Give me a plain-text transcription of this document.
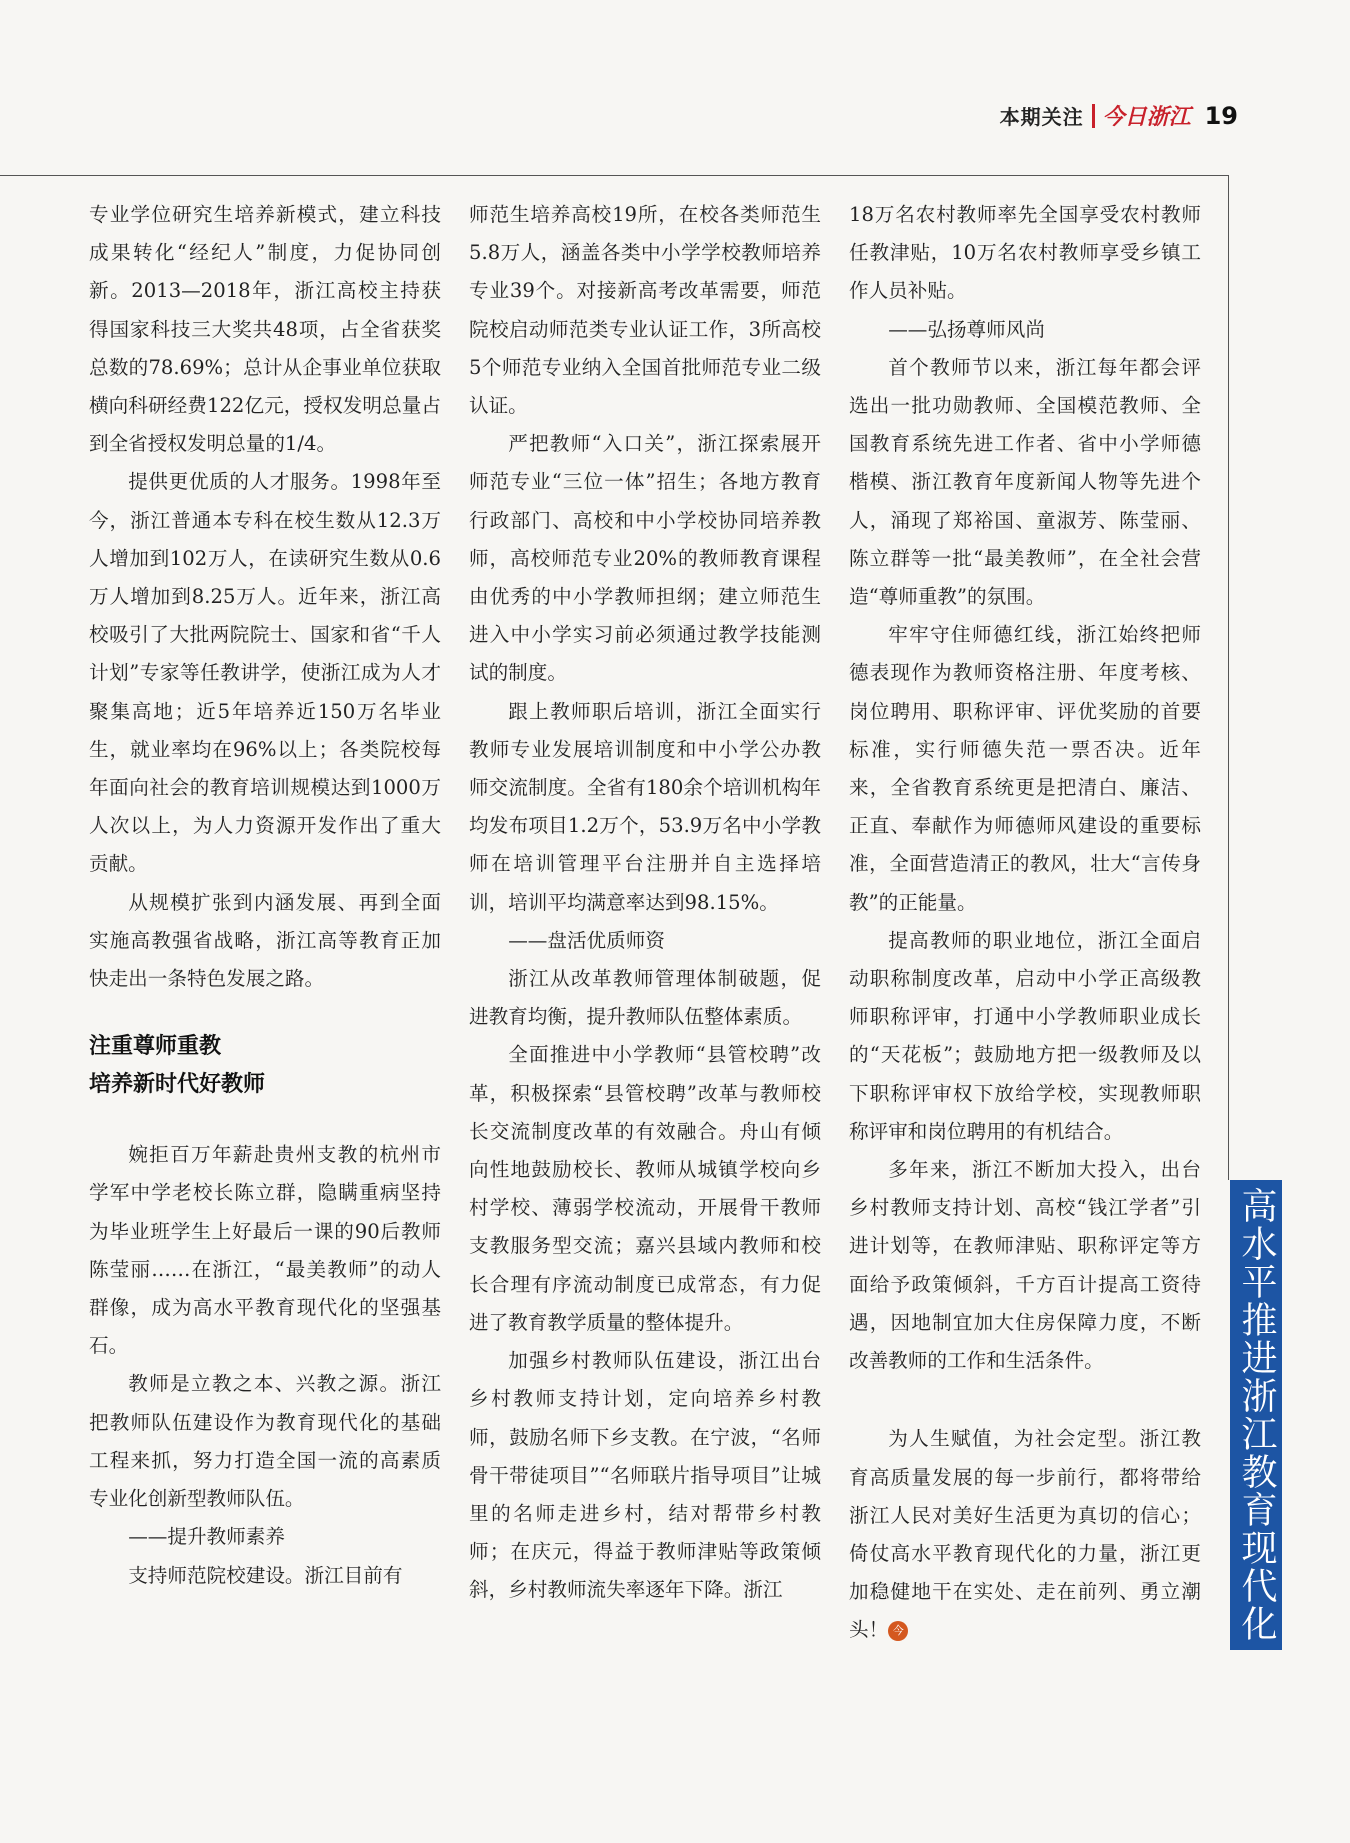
本期关注 今日浙江 19

专业学位研究生培养新模式，建立科技成果转化“经纪人”制度，力促协同创新。2013—2018年，浙江高校主持获得国家科技三大奖共48项，占全省获奖总数的78.69%；总计从企事业单位获取横向科研经费122亿元，授权发明总量占到全省授权发明总量的1/4。

提供更优质的人才服务。1998年至今，浙江普通本专科在校生数从12.3万人增加到102万人，在读研究生数从0.6万人增加到8.25万人。近年来，浙江高校吸引了大批两院院士、国家和省“千人计划”专家等任教讲学，使浙江成为人才聚集高地；近5年培养近150万名毕业生，就业率均在96%以上；各类院校每年面向社会的教育培训规模达到1000万人次以上，为人力资源开发作出了重大贡献。

从规模扩张到内涵发展、再到全面实施高教强省战略，浙江高等教育正加快走出一条特色发展之路。

注重尊师重教
培养新时代好教师

婉拒百万年薪赴贵州支教的杭州市学军中学老校长陈立群，隐瞒重病坚持为毕业班学生上好最后一课的90后教师陈莹丽……在浙江，“最美教师”的动人群像，成为高水平教育现代化的坚强基石。

教师是立教之本、兴教之源。浙江把教师队伍建设作为教育现代化的基础工程来抓，努力打造全国一流的高素质专业化创新型教师队伍。

——提升教师素养

支持师范院校建设。浙江目前有

师范生培养高校19所，在校各类师范生5.8万人，涵盖各类中小学学校教师培养专业39个。对接新高考改革需要，师范院校启动师范类专业认证工作，3所高校5个师范专业纳入全国首批师范专业二级认证。

严把教师“入口关”，浙江探索展开师范专业“三位一体”招生；各地方教育行政部门、高校和中小学校协同培养教师，高校师范专业20%的教师教育课程由优秀的中小学教师担纲；建立师范生进入中小学实习前必须通过教学技能测试的制度。

跟上教师职后培训，浙江全面实行教师专业发展培训制度和中小学公办教师交流制度。全省有180余个培训机构年均发布项目1.2万个，53.9万名中小学教师在培训管理平台注册并自主选择培训，培训平均满意率达到98.15%。

——盘活优质师资

浙江从改革教师管理体制破题，促进教育均衡，提升教师队伍整体素质。

全面推进中小学教师“县管校聘”改革，积极探索“县管校聘”改革与教师校长交流制度改革的有效融合。舟山有倾向性地鼓励校长、教师从城镇学校向乡村学校、薄弱学校流动，开展骨干教师支教服务型交流；嘉兴县域内教师和校长合理有序流动制度已成常态，有力促进了教育教学质量的整体提升。

加强乡村教师队伍建设，浙江出台乡村教师支持计划，定向培养乡村教师，鼓励名师下乡支教。在宁波，“名师骨干带徒项目”“名师联片指导项目”让城里的名师走进乡村，结对帮带乡村教师；在庆元，得益于教师津贴等政策倾斜，乡村教师流失率逐年下降。浙江

18万名农村教师率先全国享受农村教师任教津贴，10万名农村教师享受乡镇工作人员补贴。

——弘扬尊师风尚

首个教师节以来，浙江每年都会评选出一批功勋教师、全国模范教师、全国教育系统先进工作者、省中小学师德楷模、浙江教育年度新闻人物等先进个人，涌现了郑裕国、童淑芳、陈莹丽、陈立群等一批“最美教师”，在全社会营造“尊师重教”的氛围。

牢牢守住师德红线，浙江始终把师德表现作为教师资格注册、年度考核、岗位聘用、职称评审、评优奖励的首要标准，实行师德失范一票否决。近年来，全省教育系统更是把清白、廉洁、正直、奉献作为师德师风建设的重要标准，全面营造清正的教风，壮大“言传身教”的正能量。

提高教师的职业地位，浙江全面启动职称制度改革，启动中小学正高级教师职称评审，打通中小学教师职业成长的“天花板”；鼓励地方把一级教师及以下职称评审权下放给学校，实现教师职称评审和岗位聘用的有机结合。

多年来，浙江不断加大投入，出台乡村教师支持计划、高校“钱江学者”引进计划等，在教师津贴、职称评定等方面给予政策倾斜，千方百计提高工资待遇，因地制宜加大住房保障力度，不断改善教师的工作和生活条件。

为人生赋值，为社会定型。浙江教育高质量发展的每一步前行，都将带给浙江人民对美好生活更为真切的信心；倚仗高水平教育现代化的力量，浙江更加稳健地干在实处、走在前列、勇立潮头！ 今	高水平推进浙江教育现代化
